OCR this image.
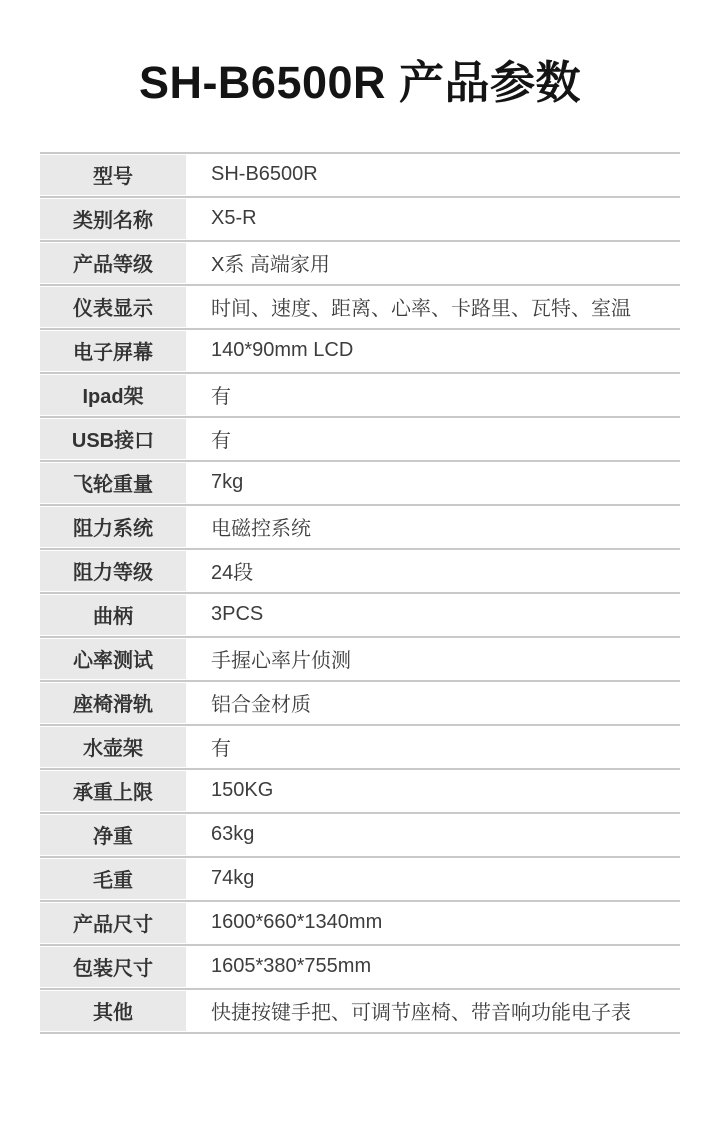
SH-B6500R 产品参数
型号	SH-B6500R
类别名称	X5-R
产品等级	X系 高端家用
仪表显示	时间、速度、距离、心率、卡路里、瓦特、室温
电子屏幕	140*90mm LCD
Ipad架	有
USB接口	有
飞轮重量	7kg
阻力系统	电磁控系统
阻力等级	24段
曲柄	3PCS
心率测试	手握心率片侦测
座椅滑轨	铝合金材质
水壶架	有
承重上限	150KG
净重	63kg
毛重	74kg
产品尺寸	1600*660*1340mm
包装尺寸	1605*380*755mm
其他	快捷按键手把、可调节座椅、带音响功能电子表
